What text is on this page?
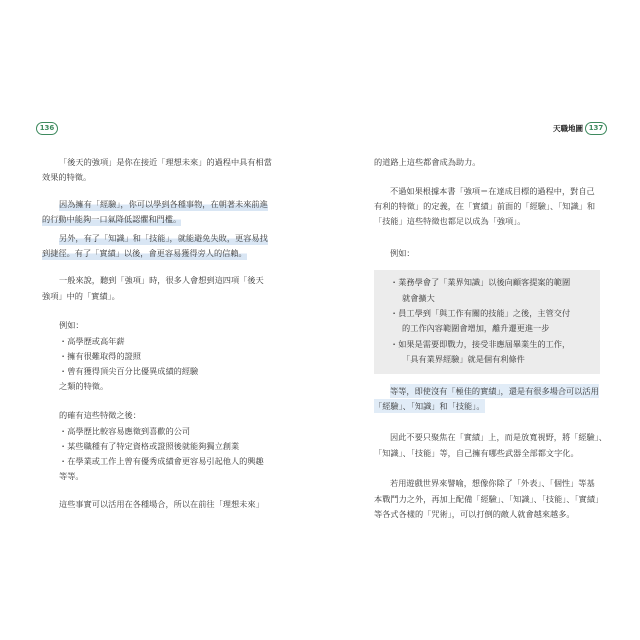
136	天職地圖 137
「後天的強項」是你在接近「理想未來」的過程中具有相當
效果的特徵。
因為擁有「經驗」，你可以學到各種事物，在朝著未來前進
的行動中能夠一口氣降低認懼和門檻。
另外，有了「知識」和「技能」，就能避免失敗，更容易找
到捷徑。有了「實績」以後，會更容易獲得旁人的信賴。
一般來說，聽到「強項」時，很多人會想到這四項「後天
強項」中的「實績」。
例如：
・高學歷或高年薪
・擁有很難取得的證照
・曾有獲得頂尖百分比優異成績的經驗
之類的特徵。
的確有這些特徵之後：
・高學歷比較容易應徵到喜歡的公司
・某些職種有了特定資格或證照後就能夠獨立創業
・在學業或工作上曾有優秀成績會更容易引起他人的興趣
等等。
這些事實可以活用在各種場合，所以在前往「理想未來」
的道路上這些都會成為助力。
不過如果根據本書「強項＝在達成目標的過程中，對自己
有利的特徵」的定義，在「實績」前面的「經驗」、「知識」和
「技能」這些特徵也都足以成為「強項」。
例如：
・業務學會了「業界知識」以後向顧客提案的範圍
就會擴大
・員工學到「與工作有關的技能」之後，主管交付
的工作內容範圍會增加，離升遷更進一步
・如果是需要即戰力，接受非應屆畢業生的工作，
「具有業界經驗」就是個有利條件
等等，即使沒有「極佳的實績」，還是有很多場合可以活用
「經驗」、「知識」和「技能」。
因此不要只聚焦在「實績」上，而是放寬視野，將「經驗」、
「知識」、「技能」等，自己擁有哪些武器全部都文字化。
若用遊戲世界來譬喻，想像你除了「外表」、「個性」等基
本戰鬥力之外，再加上配備「經驗」、「知識」、「技能」、「實績」
等各式各樣的「咒術」，可以打倒的敵人就會越來越多。
